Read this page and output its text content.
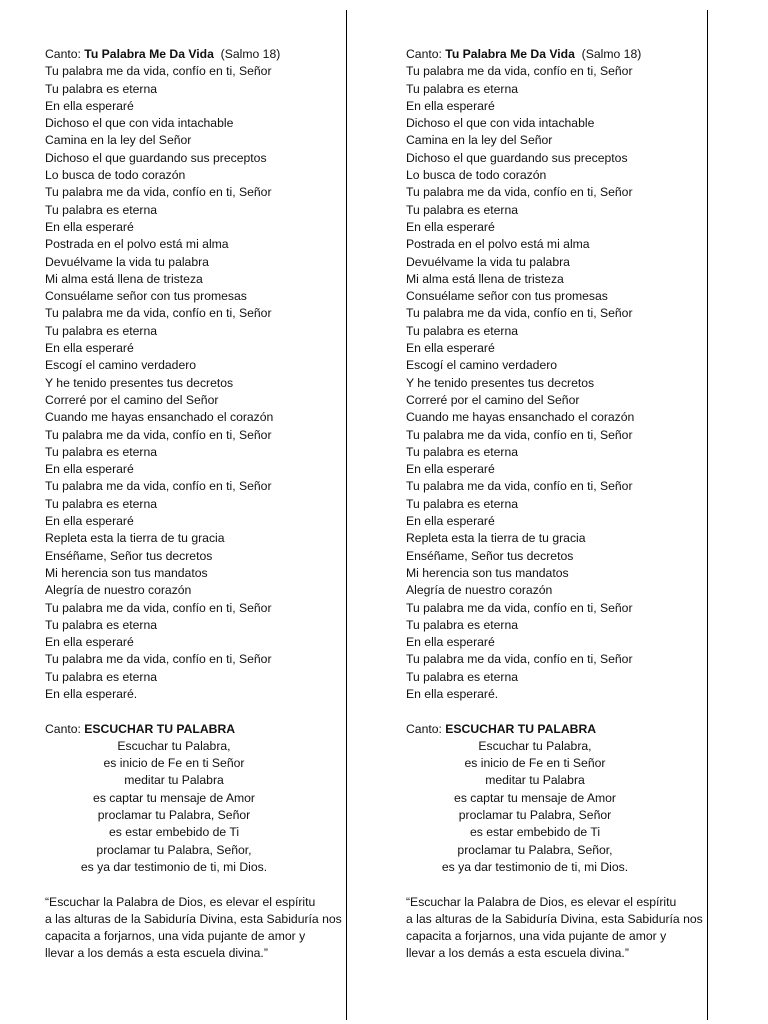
Canto: Tu Palabra Me Da Vida (Salmo 18)
Tu palabra me da vida, confío en ti, Señor
Tu palabra es eterna
En ella esperaré
Dichoso el que con vida intachable
Camina en la ley del Señor
Dichoso el que guardando sus preceptos
Lo busca de todo corazón
Tu palabra me da vida, confío en ti, Señor
Tu palabra es eterna
En ella esperaré
Postrada en el polvo está mi alma
Devuélvame la vida tu palabra
Mi alma está llena de tristeza
Consuélame señor con tus promesas
Tu palabra me da vida, confío en ti, Señor
Tu palabra es eterna
En ella esperaré
Escogí el camino verdadero
Y he tenido presentes tus decretos
Correré por el camino del Señor
Cuando me hayas ensanchado el corazón
Tu palabra me da vida, confío en ti, Señor
Tu palabra es eterna
En ella esperaré
Tu palabra me da vida, confío en ti, Señor
Tu palabra es eterna
En ella esperaré
Repleta esta la tierra de tu gracia
Enséñame, Señor tus decretos
Mi herencia son tus mandatos
Alegría de nuestro corazón
Tu palabra me da vida, confío en ti, Señor
Tu palabra es eterna
En ella esperaré
Tu palabra me da vida, confío en ti, Señor
Tu palabra es eterna
En ella esperaré.
Canto: ESCUCHAR TU PALABRA
Escuchar tu Palabra,
es inicio de Fe en ti Señor
meditar tu Palabra
es captar tu mensaje de Amor
proclamar tu Palabra, Señor
es estar embebido de Ti
proclamar tu Palabra, Señor,
es ya dar testimonio de ti, mi Dios.
“Escuchar la Palabra de Dios, es elevar el espíritu
a las alturas de la Sabiduría Divina, esta Sabiduría nos
capacita a forjarnos, una vida pujante de amor y
llevar a los demás a esta escuela divina.”
Canto: Tu Palabra Me Da Vida (Salmo 18)
Tu palabra me da vida, confío en ti, Señor
Tu palabra es eterna
En ella esperaré
Dichoso el que con vida intachable
Camina en la ley del Señor
Dichoso el que guardando sus preceptos
Lo busca de todo corazón
Tu palabra me da vida, confío en ti, Señor
Tu palabra es eterna
En ella esperaré
Postrada en el polvo está mi alma
Devuélvame la vida tu palabra
Mi alma está llena de tristeza
Consuélame señor con tus promesas
Tu palabra me da vida, confío en ti, Señor
Tu palabra es eterna
En ella esperaré
Escogí el camino verdadero
Y he tenido presentes tus decretos
Correré por el camino del Señor
Cuando me hayas ensanchado el corazón
Tu palabra me da vida, confío en ti, Señor
Tu palabra es eterna
En ella esperaré
Tu palabra me da vida, confío en ti, Señor
Tu palabra es eterna
En ella esperaré
Repleta esta la tierra de tu gracia
Enséñame, Señor tus decretos
Mi herencia son tus mandatos
Alegría de nuestro corazón
Tu palabra me da vida, confío en ti, Señor
Tu palabra es eterna
En ella esperaré
Tu palabra me da vida, confío en ti, Señor
Tu palabra es eterna
En ella esperaré.
Canto: ESCUCHAR TU PALABRA
Escuchar tu Palabra,
es inicio de Fe en ti Señor
meditar tu Palabra
es captar tu mensaje de Amor
proclamar tu Palabra, Señor
es estar embebido de Ti
proclamar tu Palabra, Señor,
es ya dar testimonio de ti, mi Dios.
“Escuchar la Palabra de Dios, es elevar el espíritu
a las alturas de la Sabiduría Divina, esta Sabiduría nos
capacita a forjarnos, una vida pujante de amor y
llevar a los demás a esta escuela divina.”
